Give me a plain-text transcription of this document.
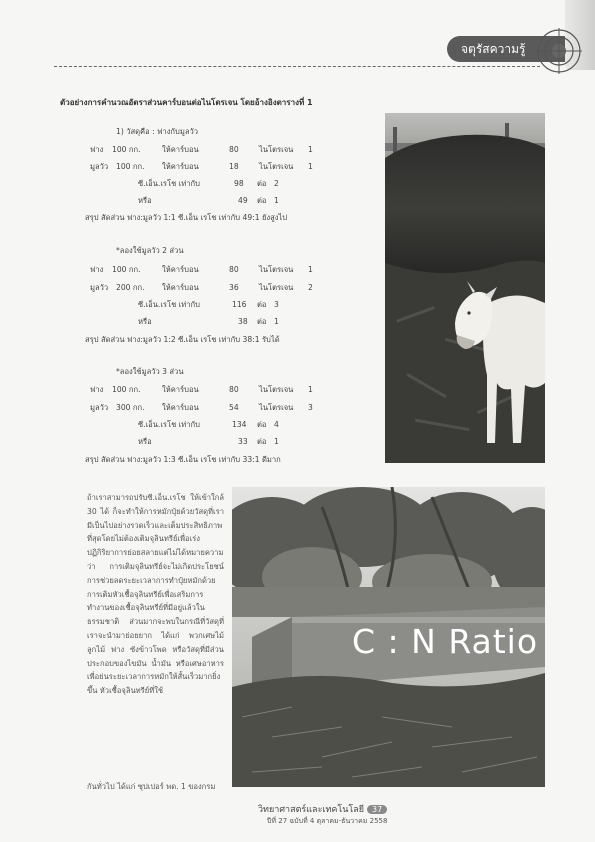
จตุรัสความรู้
ตัวอย่างการคำนวณอัตราส่วนคาร์บอนต่อไนโตรเจน โดยอ้างอิงตารางที่ 1
1) วัสดุคือ : ฟางกับมูลวัว
ฟาง 100 กก.	ให้คาร์บอน	80	ไนโตรเจน 1
มูลวัว 100 กก. ให้คาร์บอน	18	ไนโตรเจน 1
ซี.เอ็น.เรโช เท่ากับ	98 ต่อ 2
หรือ	49 ต่อ 1
สรุป สัดส่วน ฟาง:มูลวัว 1:1 ซี.เอ็น เรโช เท่ากับ 49:1 ยังสูงไป
*ลองใช้มูลวัว 2 ส่วน
ฟาง 100 กก.	ให้คาร์บอน	80	ไนโตรเจน 1
มูลวัว 200 กก. ให้คาร์บอน	36	ไนโตรเจน 2
ซี.เอ็น.เรโช เท่ากับ	116 ต่อ 3
หรือ	38 ต่อ 1
สรุป สัดส่วน ฟาง:มูลวัว 1:2 ซี.เอ็น เรโช เท่ากับ 38:1 รับได้
*ลองใช้มูลวัว 3 ส่วน
ฟาง 100 กก.	ให้คาร์บอน	80	ไนโตรเจน 1
มูลวัว 300 กก. ให้คาร์บอน	54	ไนโตรเจน 3
ซี.เอ็น.เรโช เท่ากับ	134 ต่อ 4
หรือ	33 ต่อ 1
สรุป สัดส่วน ฟาง:มูลวัว 1:3 ซี.เอ็น เรโช เท่ากับ 33:1 ดีมาก
ถ้าเราสามารถปรับซี.เอ็น.เรโช ให้เข้าใกล้ 30 ได้ ก็จะทำให้การหมักปุ๋ยด้วยวัสดุที่เรามีเป็นไปอย่างรวดเร็วและเต็มประสิทธิภาพที่สุดโดยไม่ต้องเติมจุลินทรีย์เพื่อเร่งปฏิกิริยาการย่อยสลายแต่ไม่ได้หมายความว่า การเติมจุลินทรีย์จะไม่เกิดประโยชน์ การช่วยลดระยะเวลาการทำปุ๋ยหมักด้วยการเติมหัวเชื้อจุลินทรีย์เพื่อเสริมการทำงานของเชื้อจุลินทรีย์ที่มีอยู่แล้วในธรรมชาติ ส่วนมากจะพบในกรณีที่วัสดุที่เราจะนำมาย่อยยาก ได้แก่ พวกเศษไม้ ลูกไม้ ฟาง ซังข้าวโพด หรือวัสดุที่มีส่วนประกอบของไขมัน น้ำมัน หรือเศษอาหาร เพื่อย่นระยะเวลาการหมักให้สั้นเร็วมากยิ่งขึ้น หัวเชื้อจุลินทรีย์ที่ใช้
กันทั่วไป ได้แก่ ซุปเปอร์ พด. 1 ของกรม
C : N Ratio
วิทยาศาสตร์และเทคโนโลยี 37
ปีที่ 27 ฉบับที่ 4 ตุลาคม-ธันวาคม 2558
